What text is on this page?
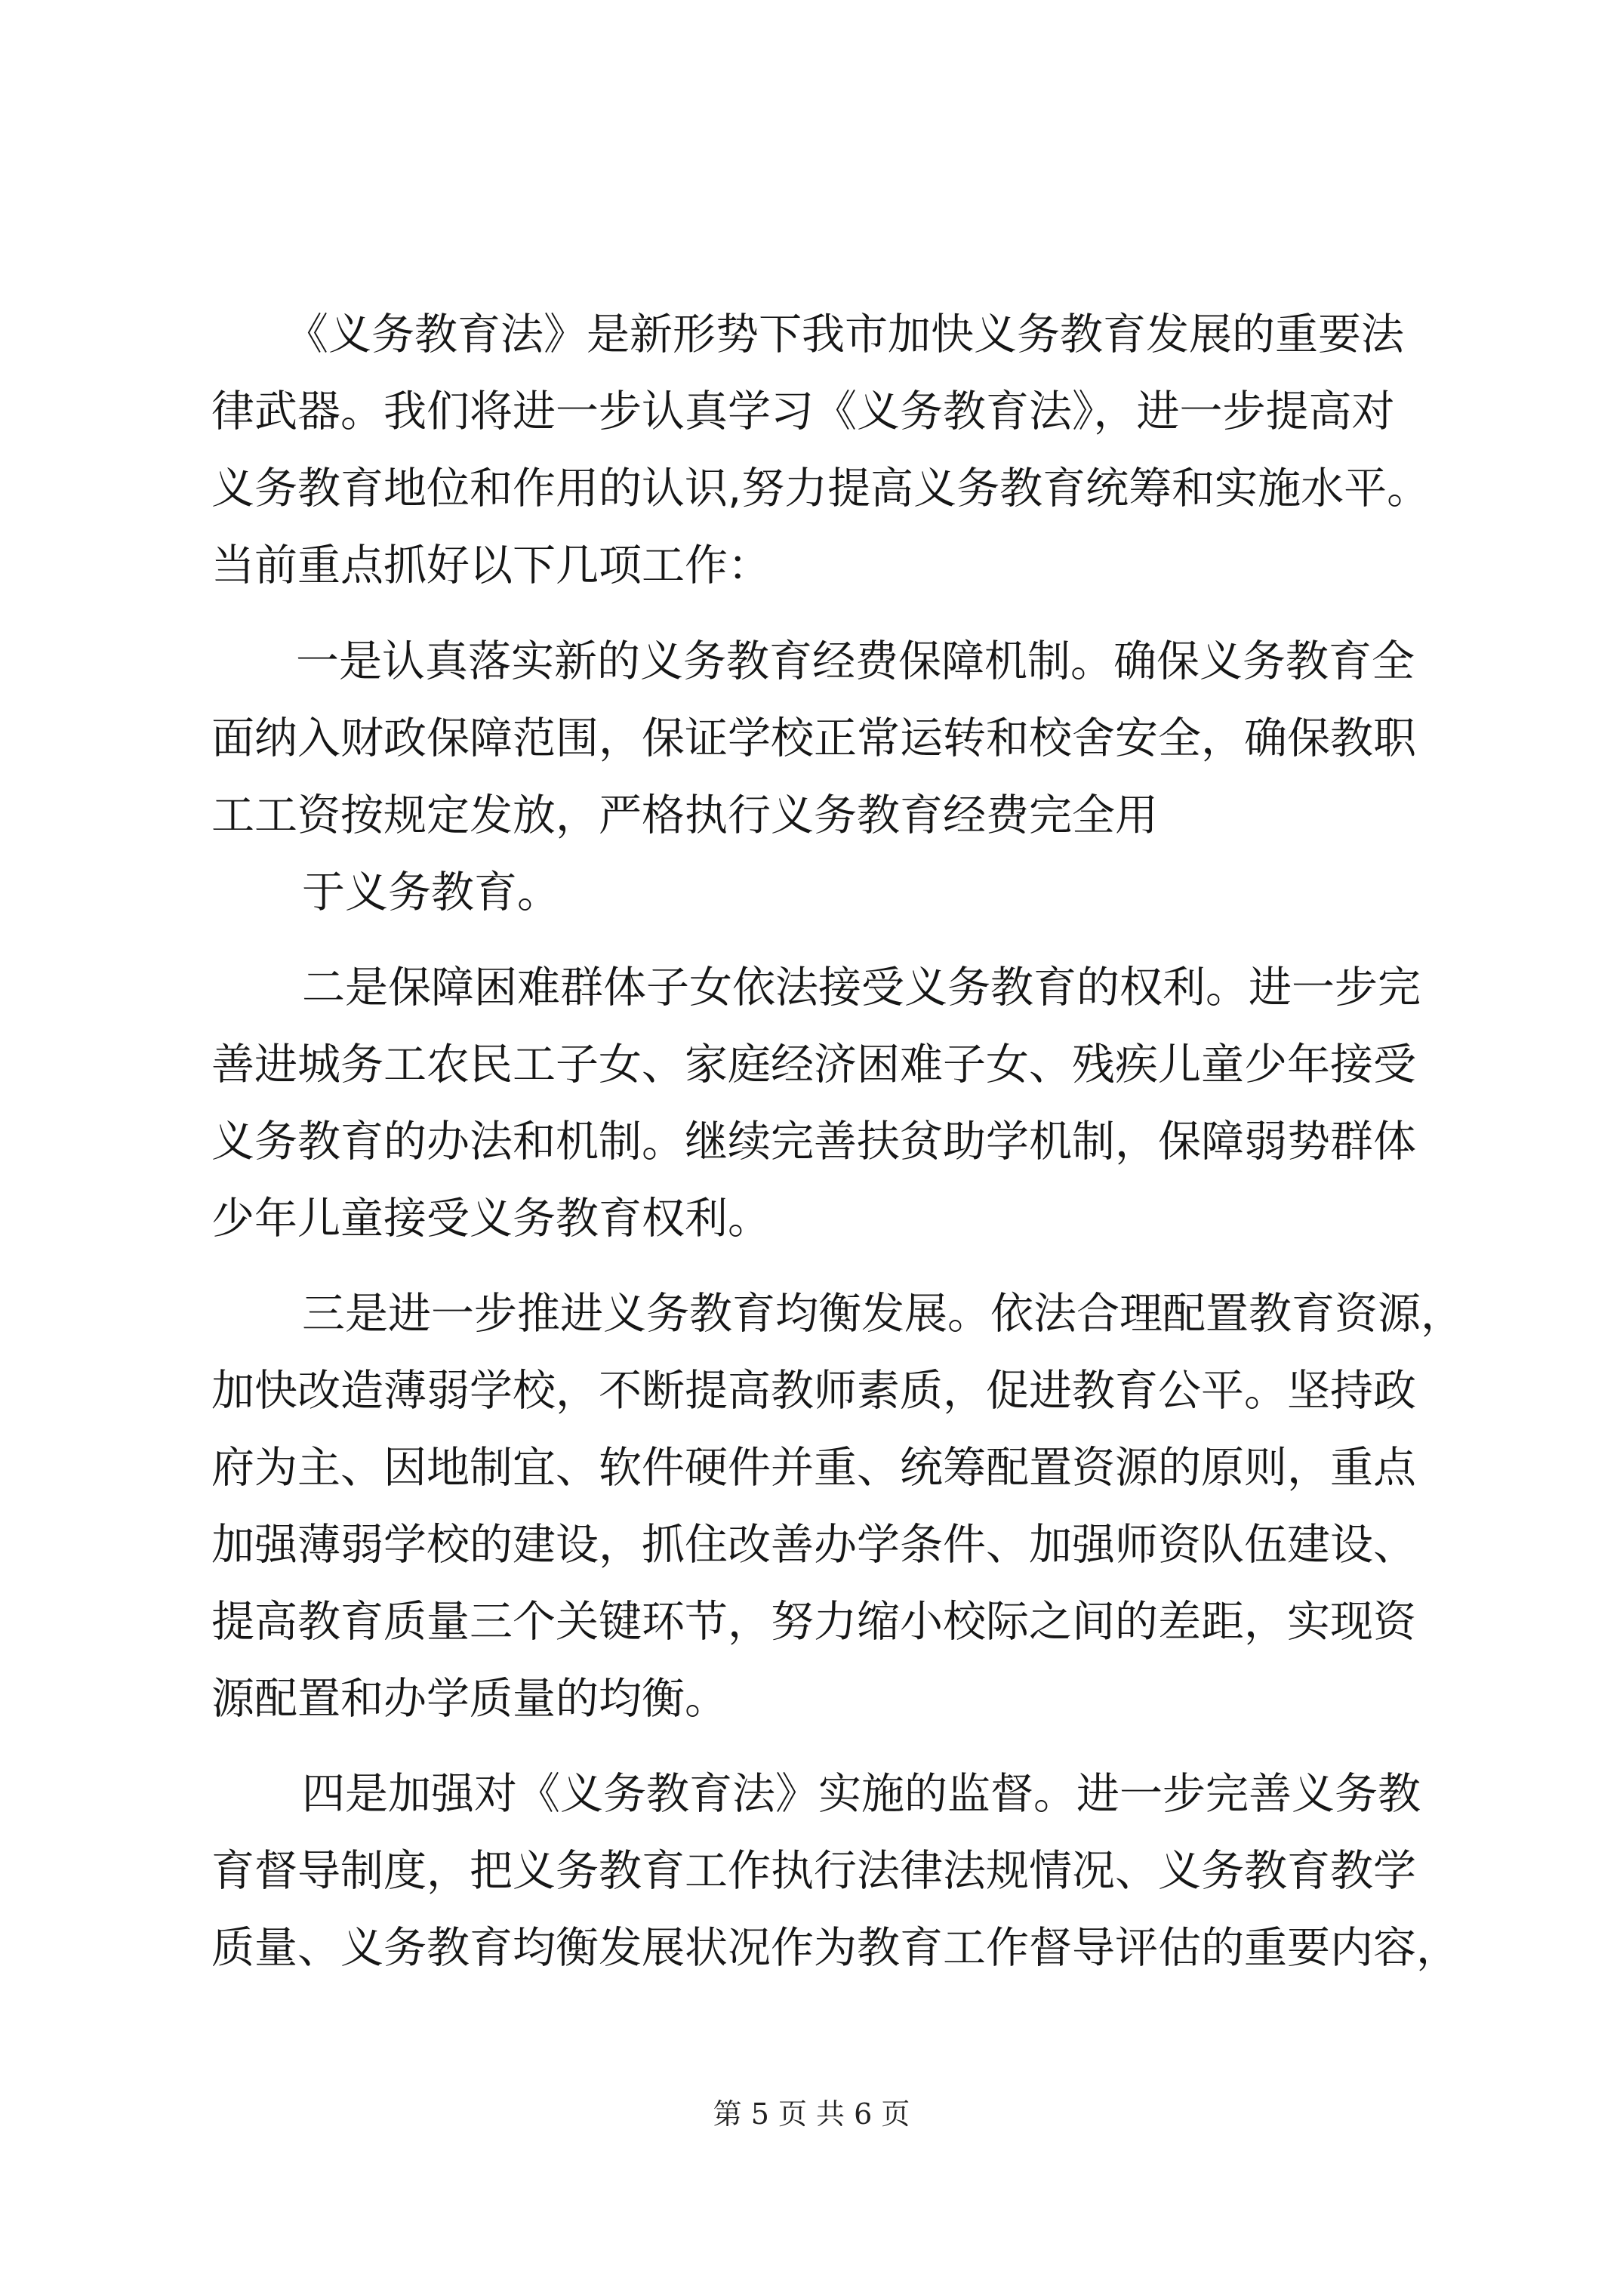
《义务教育法》是新形势下我市加快义务教育发展的重要法
律武器。我们将进一步认真学习《义务教育法》，进一步提高对
义务教育地位和作用的认识,努力提高义务教育统筹和实施水平。
当前重点抓好以下几项工作：
一是认真落实新的义务教育经费保障机制。确保义务教育全
面纳入财政保障范围，保证学校正常运转和校舍安全，确保教职
工工资按规定发放，严格执行义务教育经费完全用
于义务教育。
二是保障困难群体子女依法接受义务教育的权利。进一步完
善进城务工农民工子女、家庭经济困难子女、残疾儿童少年接受
义务教育的办法和机制。继续完善扶贫助学机制，保障弱势群体
少年儿童接受义务教育权利。
三是进一步推进义务教育均衡发展。依法合理配置教育资源，
加快改造薄弱学校，不断提高教师素质，促进教育公平。坚持政
府为主、因地制宜、软件硬件并重、统筹配置资源的原则，重点
加强薄弱学校的建设，抓住改善办学条件、加强师资队伍建设、
提高教育质量三个关键环节，努力缩小校际之间的差距，实现资
源配置和办学质量的均衡。
四是加强对《义务教育法》实施的监督。进一步完善义务教
育督导制度，把义务教育工作执行法律法规情况、义务教育教学
质量、义务教育均衡发展状况作为教育工作督导评估的重要内容，
第 5 页 共 6 页
